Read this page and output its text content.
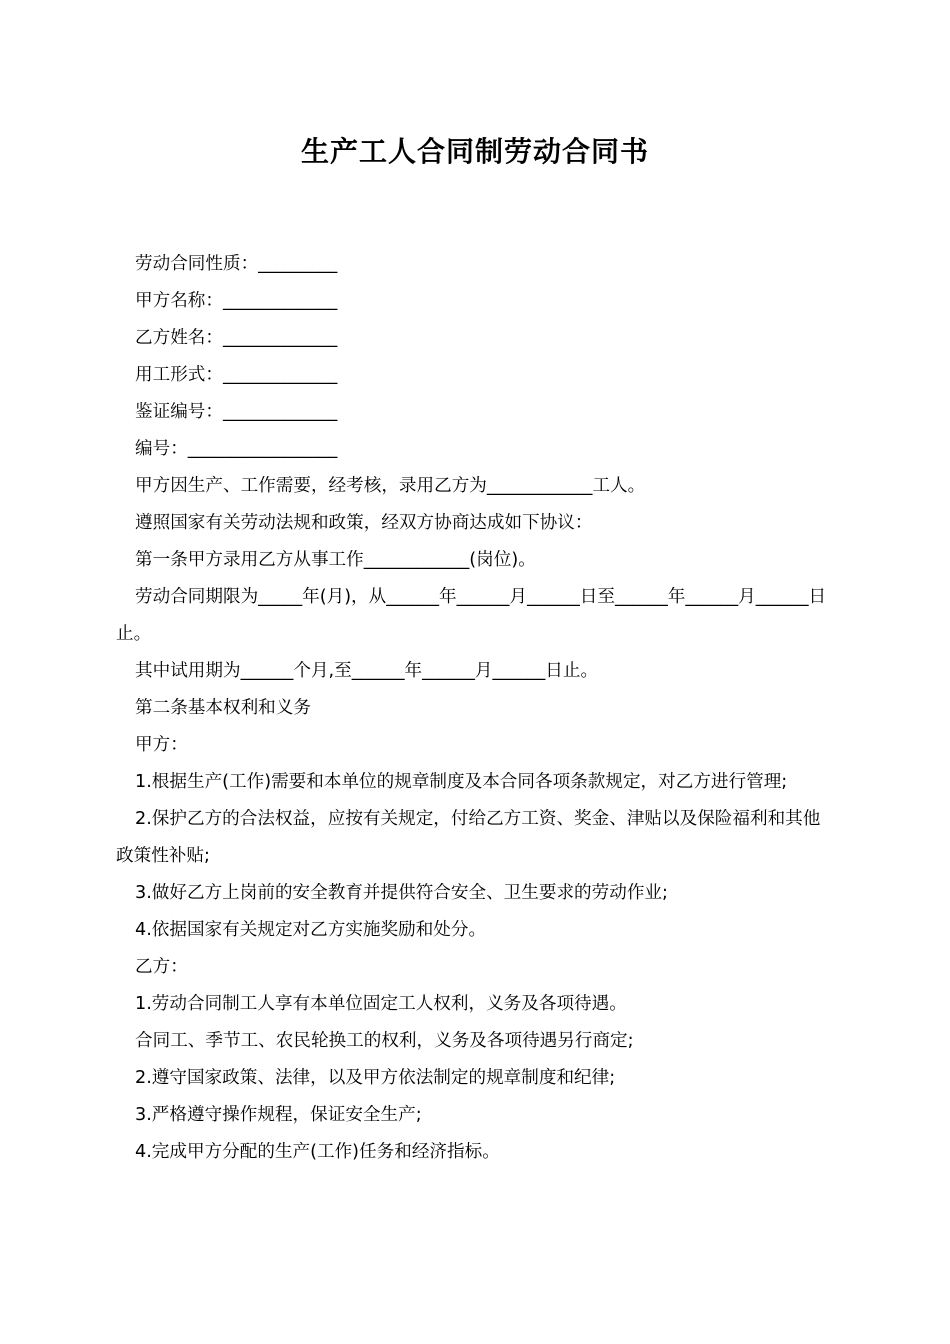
生产工人合同制劳动合同书
劳动合同性质：_________
甲方名称：_____________
乙方姓名：_____________
用工形式：_____________
鉴证编号：_____________
编号：_________________
甲方因生产、工作需要，经考核，录用乙方为____________工人。
遵照国家有关劳动法规和政策，经双方协商达成如下协议：
第一条甲方录用乙方从事工作____________(岗位)。
劳动合同期限为_____年(月)，从______年______月______日至______年______月______日止。
其中试用期为______个月,至______年______月______日止。
第二条基本权利和义务
甲方：
1.根据生产(工作)需要和本单位的规章制度及本合同各项条款规定，对乙方进行管理;
2.保护乙方的合法权益，应按有关规定，付给乙方工资、奖金、津贴以及保险福利和其他政策性补贴;
3.做好乙方上岗前的安全教育并提供符合安全、卫生要求的劳动作业;
4.依据国家有关规定对乙方实施奖励和处分。
乙方：
1.劳动合同制工人享有本单位固定工人权利，义务及各项待遇。
合同工、季节工、农民轮换工的权利，义务及各项待遇另行商定;
2.遵守国家政策、法律，以及甲方依法制定的规章制度和纪律;
3.严格遵守操作规程，保证安全生产;
4.完成甲方分配的生产(工作)任务和经济指标。
